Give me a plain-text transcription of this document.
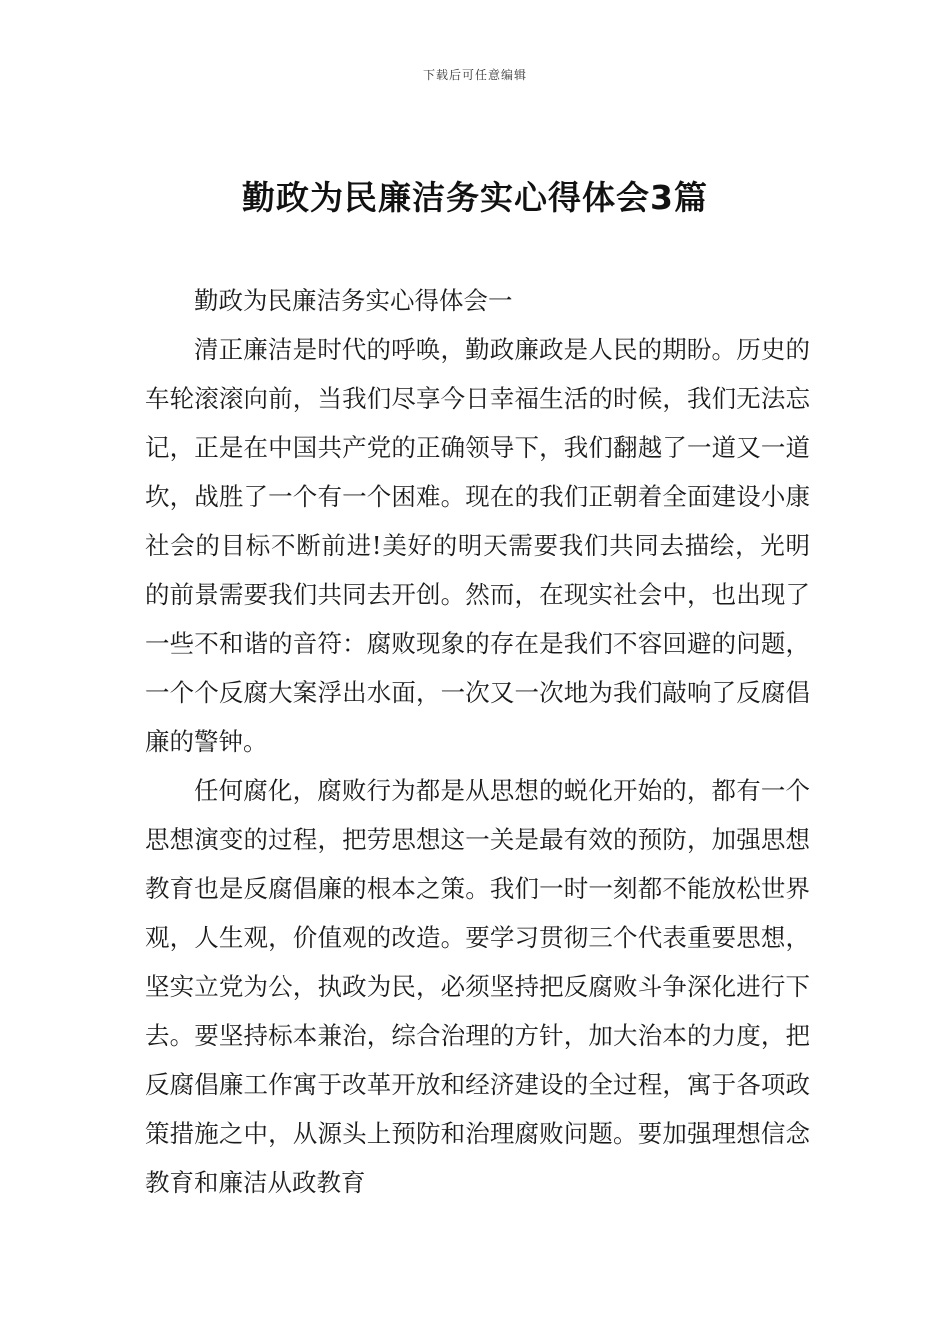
下载后可任意编辑
勤政为民廉洁务实心得体会3篇

勤政为民廉洁务实心得体会一

清正廉洁是时代的呼唤，勤政廉政是人民的期盼。历史的车轮滚滚向前，当我们尽享今日幸福生活的时候，我们无法忘记，正是在中国共产党的正确领导下，我们翻越了一道又一道坎，战胜了一个有一个困难。现在的我们正朝着全面建设小康社会的目标不断前进!美好的明天需要我们共同去描绘，光明的前景需要我们共同去开创。然而，在现实社会中，也出现了一些不和谐的音符：腐败现象的存在是我们不容回避的问题，一个个反腐大案浮出水面，一次又一次地为我们敲响了反腐倡廉的警钟。

任何腐化，腐败行为都是从思想的蜕化开始的，都有一个思想演变的过程，把劳思想这一关是最有效的预防，加强思想教育也是反腐倡廉的根本之策。我们一时一刻都不能放松世界观，人生观，价值观的改造。要学习贯彻三个代表重要思想，坚实立党为公，执政为民，必须坚持把反腐败斗争深化进行下去。要坚持标本兼治，综合治理的方针，加大治本的力度，把反腐倡廉工作寓于改革开放和经济建设的全过程，寓于各项政策措施之中，从源头上预防和治理腐败问题。要加强理想信念教育和廉洁从政教育
